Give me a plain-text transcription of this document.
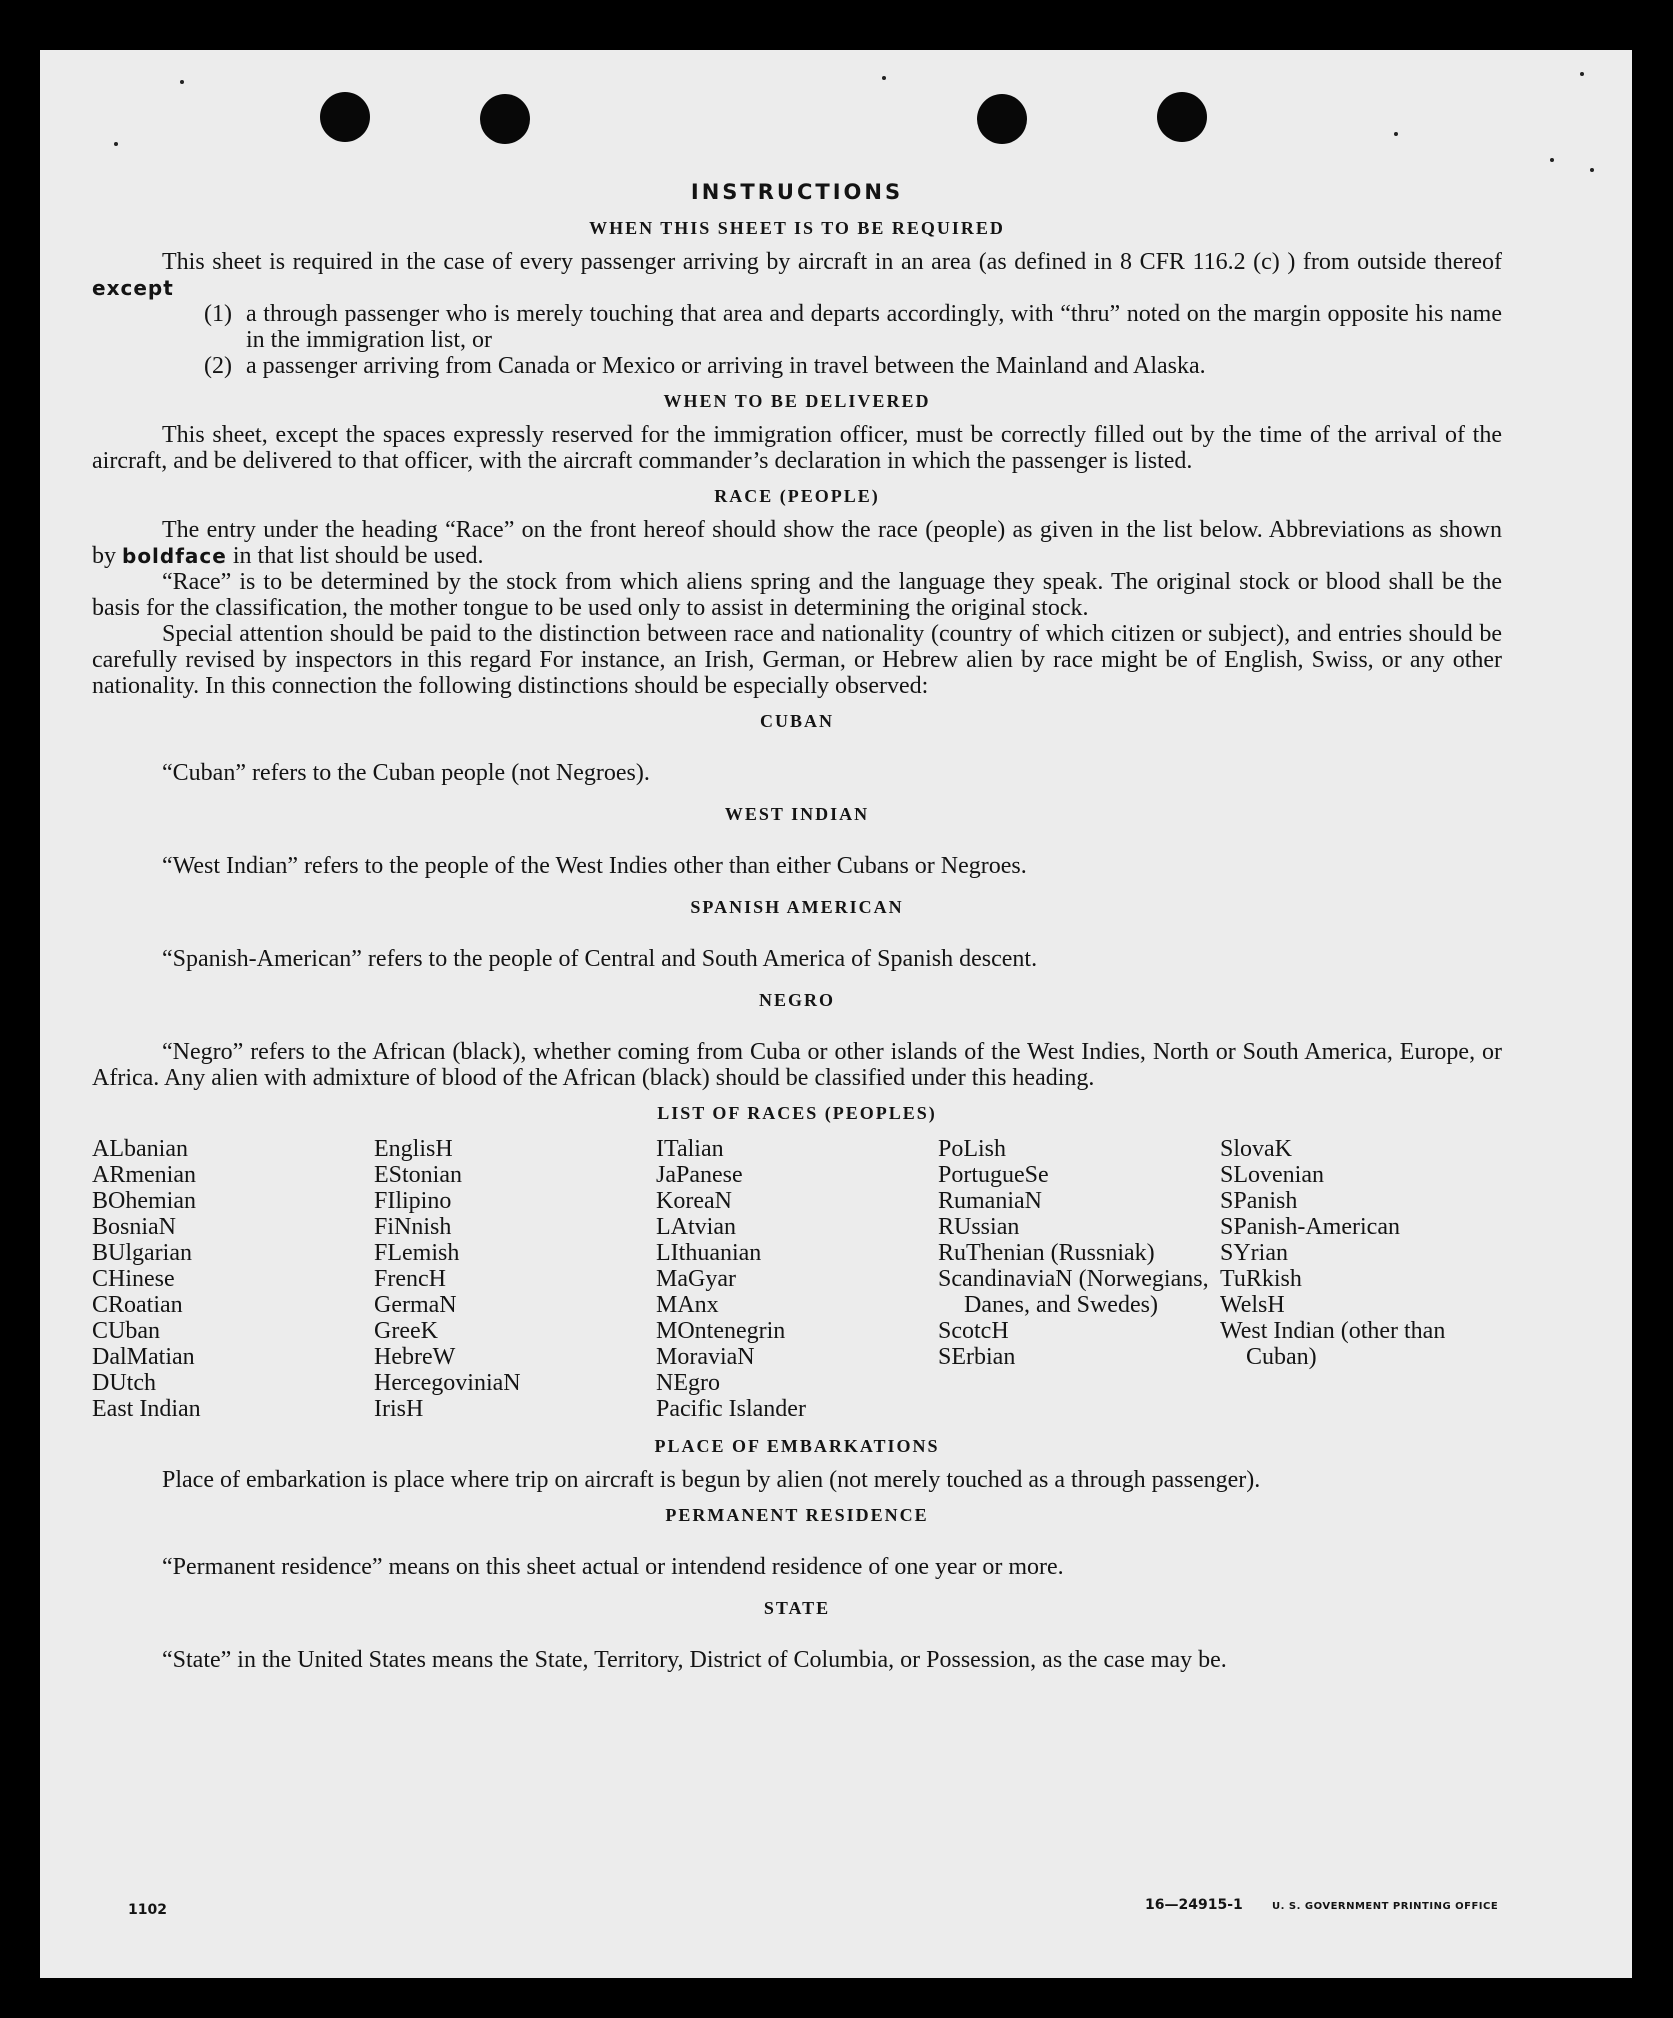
INSTRUCTIONS
WHEN THIS SHEET IS TO BE REQUIRED

This sheet is required in the case of every passenger arriving by aircraft in an area (as defined in 8 CFR 116.2 (c) ) from outside thereof except

(1) a through passenger who is merely touching that area and departs accordingly, with “thru” noted on the margin opposite his name in the immigration list, or
(2) a passenger arriving from Canada or Mexico or arriving in travel between the Mainland and Alaska.
WHEN TO BE DELIVERED

This sheet, except the spaces expressly reserved for the immigration officer, must be correctly filled out by the time of the arrival of the aircraft, and be delivered to that officer, with the aircraft commander’s declaration in which the passenger is listed.

RACE (PEOPLE)

The entry under the heading “Race” on the front hereof should show the race (people) as given in the list below. Abbreviations as shown by boldface in that list should be used.

“Race” is to be determined by the stock from which aliens spring and the language they speak. The original stock or blood shall be the basis for the classification, the mother tongue to be used only to assist in determining the original stock.

Special attention should be paid to the distinction between race and nationality (country of which citizen or subject), and entries should be carefully revised by inspectors in this regard For instance, an Irish, German, or Hebrew alien by race might be of English, Swiss, or any other nationality. In this connection the following distinctions should be especially observed:

CUBAN

“Cuban” refers to the Cuban people (not Negroes).

WEST INDIAN

“West Indian” refers to the people of the West Indies other than either Cubans or Negroes.

SPANISH AMERICAN

“Spanish-American” refers to the people of Central and South America of Spanish descent.

NEGRO

“Negro” refers to the African (black), whether coming from Cuba or other islands of the West Indies, North or South America, Europe, or Africa. Any alien with admixture of blood of the African (black) should be classified under this heading.

LIST OF RACES (PEOPLES)
ALbanian
ARmenian
BOhemian
BosniaN
BUlgarian
CHinese
CRoatian
CUban
DalMatian
DUtch
East Indian
EnglisH
EStonian
FIlipino
FiNnish
FLemish
FrencH
GermaN
GreeK
HebreW
HercegoviniaN
IrisH
ITalian
JaPanese
KoreaN
LAtvian
LIthuanian
MaGyar
MAnx
MOntenegrin
MoraviaN
NEgro
Pacific Islander
PoLish
PortugueSe
RumaniaN
RUssian
RuThenian (Russniak)
ScandinaviaN (Norwegians, Danes, and Swedes)
ScotcH
SErbian
SlovaK
SLovenian
SPanish
SPanish-American
SYrian
TuRkish
WelsH
West Indian (other than Cuban)
PLACE OF EMBARKATIONS

Place of embarkation is place where trip on aircraft is begun by alien (not merely touched as a through passenger).

PERMANENT RESIDENCE

“Permanent residence” means on this sheet actual or intendend residence of one year or more.

STATE

“State” in the United States means the State, Territory, District of Columbia, or Possession, as the case may be.

1102	16—24915-1	U. S. GOVERNMENT PRINTING OFFICE
